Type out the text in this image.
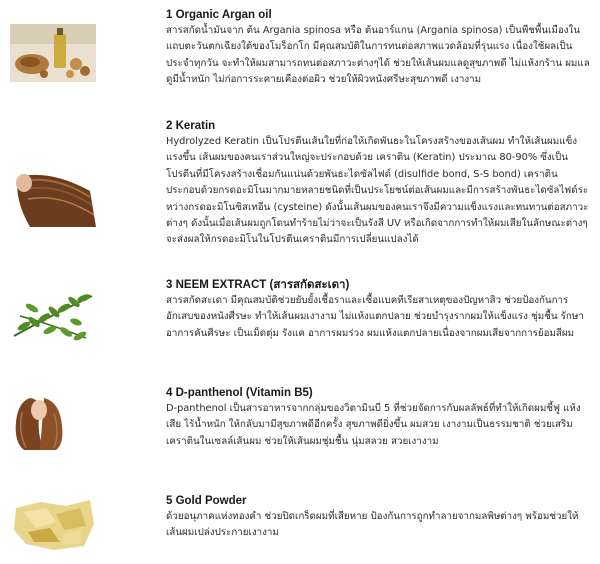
1 Organic Argan oil

สารสกัดน้ำมันจาก ต้น Argania spinosa หรือ ต้นอาร์แกน (Argania spinosa) เป็นพืชพื้นเมืองในแถบตะวันตกเฉียงใต้ของโมร็อกโก มีคุณสมบัติในการทนต่อสภาพแวดล้อมที่รุนแรง เนื่องใช้ผลเป็นประจำทุกวัน จะทำให้ผมสามารถทนต่อสภาวะต่างๆได้ ช่วยให้เส้นผมแลดูสุขภาพดี ไม่แห้งกร้าน ผมแลดูมีน้ำหนัก ไม่ก่อการระคายเคืองต่อผิว ช่วยให้ผิวหนังศรีษะสุขภาพดี เงางาม

2 Keratin

Hydrolyzed Keratin เป็นโปรตีนเส้นใยที่ก่อให้เกิดพันธะในโครงสร้างของเส้นผม ทำให้เส้นผมแข็งแรงขึ้น เส้นผมของคนเราส่วนใหญ่จะประกอบด้วย เคราติน (Keratin) ประมาณ 80-90% ซึ่งเป็นโปรตีนที่มีโครงสร้างเชื่อมกันแน่นด้วยพันธะไดซัลไฟด์ (disulfide bond, S-S bond) เคราตินประกอบด้วยกรดอะมิโนมากมายหลายชนิดที่เป็นประโยชน์ต่อเส้นผมและมีการสร้างพันธะไดซัลไฟด์ระหว่างกรดอะมิโนซิสเทอีน (cysteine) ดังนั้นเส้นผมของคนเราจึงมีความแข็งแรงและทนทานต่อสภาวะต่างๆ ดังนั้นเมื่อเส้นผมถูกโดนทำร้ายไม่ว่าจะเป็นรังสี UV หรือเกิดจากการทำให้ผมเสียในลักษณะต่างๆ จะส่งผลให้กรดอะมิโนในโปรตีนเคราตินมีการเปลี่ยนแปลงได้

3 NEEM EXTRACT (สารสกัดสะเดา)

สารสกัดสะเดา มีคุณสมบัติช่วยยับยั้งเชื้อราและเชื้อแบคทีเรียสาเหตุของปัญหาสิว ช่วยป้องกันการอักเสบของหนังศีรษะ ทำให้เส้นผมเงางาม ไม่แห้งแตกปลาย ช่วยบำรุงรากผมให้แข็งแรง ชุ่มชื้น รักษาอาการคันศีรษะ เป็นเม็ดตุ่ม รังแค อาการผมร่วง ผมแห้งแตกปลายเนื่องจากผมเสียจากการย้อมสีผม

4 D-panthenol (Vitamin B5)

D-panthenol เป็นสารอาหารจากกลุ่มของวิตามินบี 5 ที่ช่วยจัดการกับผลลัพธ์ที่ทำให้เกิดผมชี้ฟู แห้งเสีย ไร้น้ำหนัก ให้กลับมามีสุขภาพดีอีกครั้ง สุขภาพดียิ่งขึ้น ผมสวย เงางามเป็นธรรมชาติ ช่วยเสริมเคราตินในเซลล์เส้นผม ช่วยให้เส้นผมชุ่มชื้น นุ่มสลวย สวยเงางาม

5 Gold Powder

ด้วยอนุภาคแห่งทองคำ ช่วยปิดเกร็ดผมที่เสียหาย ป้องกันการถูกทำลายจากมลพิษต่างๆ พร้อมช่วยให้เส้นผมเปล่งประกายเงางาม
